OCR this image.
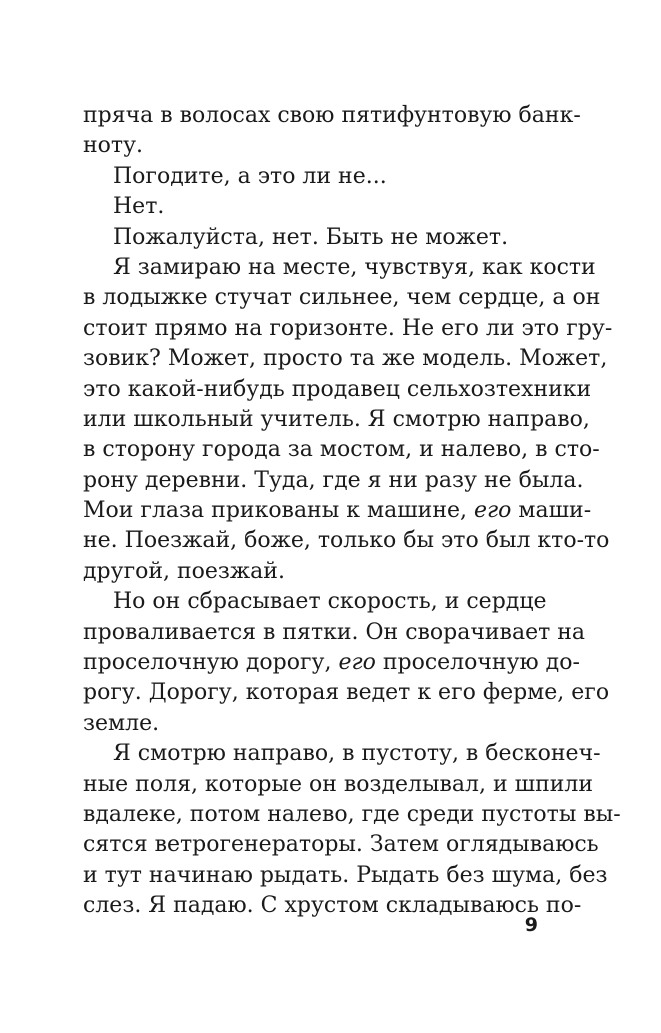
пряча в волосах свою пятифунтовую банк-
ноту.
Погодите, а это ли не...
Нет.
Пожалуйста, нет. Быть не может.
Я замираю на месте, чувствуя, как кости
в лодыжке стучат сильнее, чем сердце, а он
стоит прямо на горизонте. Не его ли это гру-
зовик? Может, просто та же модель. Может,
это какой-нибудь продавец сельхозтехники
или школьный учитель. Я смотрю направо,
в сторону города за мостом, и налево, в сто-
рону деревни. Туда, где я ни разу не была.
Мои глаза прикованы к машине, его маши-
не. Поезжай, боже, только бы это был кто-то
другой, поезжай.
Но он сбрасывает скорость, и сердце
проваливается в пятки. Он сворачивает на
проселочную дорогу, его проселочную до-
рогу. Дорогу, которая ведет к его ферме, его
земле.
Я смотрю направо, в пустоту, в бесконеч-
ные поля, которые он возделывал, и шпили
вдалеке, потом налево, где среди пустоты вы-
сятся ветрогенераторы. Затем оглядываюсь
и тут начинаю рыдать. Рыдать без шума, без
слез. Я падаю. С хрустом складываюсь по-
9
